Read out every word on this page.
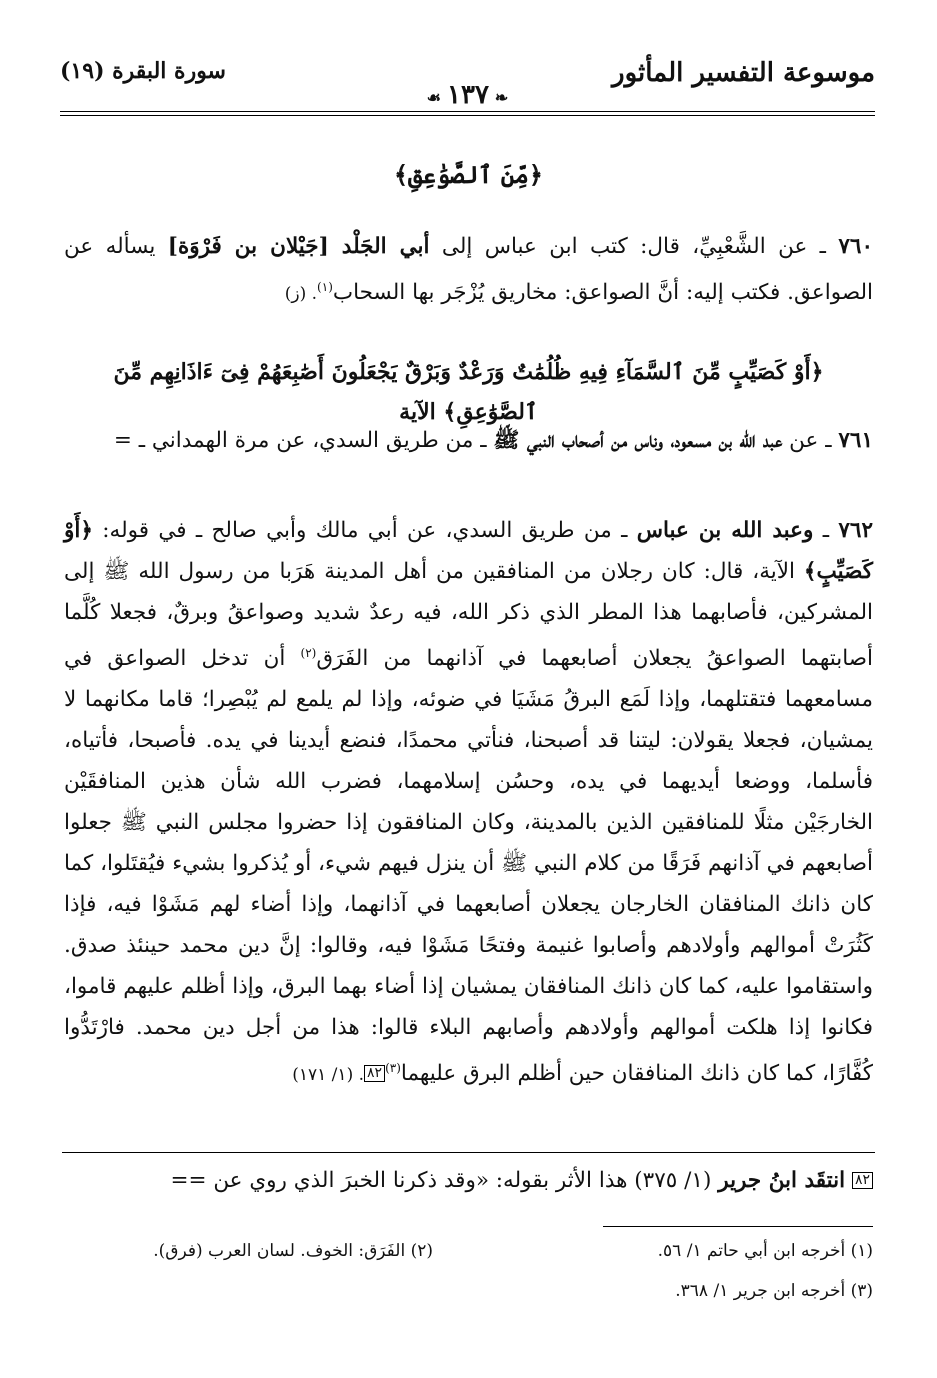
موسوعة التفسير المأثور
❧١٣٧☙
سورة البقرة (١٩)
﴿مِّنَ ٱلصَّوَٰعِقِ﴾
٧٦٠ ـ عن الشَّعْبِيِّ، قال: كتب ابن عباس إلى أبي الجَلْد [جَيْلان بن فَرْوَة] يسأله عن الصواعق. فكتب إليه: أنَّ الصواعق: مخاريق يُزْجَر بها السحاب$^{(١)}$. (ز)
﴿أَوْ كَصَيِّبٍ مِّنَ ٱلسَّمَآءِ فِيهِ ظُلُمَٰتٌ وَرَعْدٌ وَبَرْقٌ يَجْعَلُونَ أَصَٰبِعَهُمْ فِىٓ ءَاذَانِهِم مِّنَ ٱلصَّوَٰعِقِ﴾ الآية
٧٦١ ـ عن عبد الله بن مسعود، وناس من أصحاب النبي ﷺ ـ من طريق السدي، عن مرة الهمداني ـ =
٧٦٢ ـ وعبد الله بن عباس ـ من طريق السدي، عن أبي مالك وأبي صالح ـ في قوله: ﴿أَوْ كَصَيِّبٍ﴾ الآية، قال: كان رجلان من المنافقين من أهل المدينة هَرَبا من رسول الله ﷺ إلى المشركين، فأصابهما هذا المطر الذي ذكر الله، فيه رعدٌ شديد وصواعقُ وبرقٌ، فجعلا كُلَّما أصابتهما الصواعقُ يجعلان أصابعهما في آذانهما من الفَرَق$^{(٢)}$ أن تدخل الصواعق في مسامعهما فتقتلهما، وإذا لَمَع البرقُ مَشَيَا في ضوئه، وإذا لم يلمع لم يُبْصِرا؛ قاما مكانهما لا يمشيان، فجعلا يقولان: ليتنا قد أصبحنا، فنأتي محمدًا، فنضع أيدينا في يده. فأصبحا، فأتياه، فأسلما، ووضعا أيديهما في يده، وحسُن إسلامهما، فضرب الله شأن هذين المنافقَيْن الخارجَيْن مثلًا للمنافقين الذين بالمدينة، وكان المنافقون إذا حضروا مجلس النبي ﷺ جعلوا أصابعهم في آذانهم فَرَقًا من كلام النبي ﷺ أن ينزل فيهم شيء، أو يُذكروا بشيء فيُقتَلوا، كما كان ذانك المنافقان الخارجان يجعلان أصابعهما في آذانهما، وإذا أضاء لهم مَشَوْا فيه، فإذا كَثُرَتْ أموالهم وأولادهم وأصابوا غنيمة وفتحًا مَشَوْا فيه، وقالوا: إنَّ دين محمد حينئذ صدق. واستقاموا عليه، كما كان ذانك المنافقان يمشيان إذا أضاء بهما البرق، وإذا أظلم عليهم قاموا، فكانوا إذا هلكت أموالهم وأولادهم وأصابهم البلاء قالوا: هذا من أجل دين محمد. فارْتَدُّوا كُفَّارًا، كما كان ذانك المنافقان حين أظلم البرق عليهما$^{(٣)}$٨٢. (١/ ١٧١)
٨٢ انتقَد ابنُ جرير (١/ ٣٧٥) هذا الأثر بقوله: «وقد ذكرنا الخبرَ الذي روي عن ==
(١) أخرجه ابن أبي حاتم ١/ ٥٦.
(٢) الفَرَق: الخوف. لسان العرب (فرق).
(٣) أخرجه ابن جرير ١/ ٣٦٨.
